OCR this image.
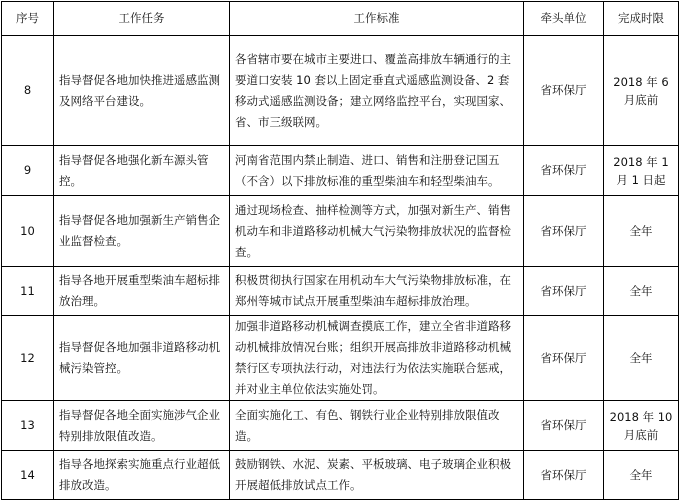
序号	工作任务	工作标准	牵头单位	完成时限
8	指导督促各地加快推进遥感监测及网络平台建设。	各省辖市要在城市主要进口、覆盖高排放车辆通行的主要道口安装 10 套以上固定垂直式遥感监测设备、2 套移动式遥感监测设备；建立网络监控平台，实现国家、省、市三级联网。	省环保厅	2018 年 6 月底前
9	指导督促各地强化新车源头管控。	河南省范围内禁止制造、进口、销售和注册登记国五（不含）以下排放标准的重型柴油车和轻型柴油车。	省环保厅	2018 年 1 月 1 日起
10	指导督促各地加强新生产销售企业监督检查。	通过现场检查、抽样检测等方式，加强对新生产、销售机动车和非道路移动机械大气污染物排放状况的监督检查。	省环保厅	全年
11	指导各地开展重型柴油车超标排放治理。	积极贯彻执行国家在用机动车大气污染物排放标准，在郑州等城市试点开展重型柴油车超标排放治理。	省环保厅	全年
12	指导督促各地加强非道路移动机械污染管控。	加强非道路移动机械调查摸底工作，建立全省非道路移动机械排放情况台账；组织开展高排放非道路移动机械禁行区专项执法行动，对违法行为依法实施联合惩戒，并对业主单位依法实施处罚。	省环保厅	全年
13	指导督促各地全面实施涉气企业特别排放限值改造。	全面实施化工、有色、钢铁行业企业特别排放限值改造。	省环保厅	2018 年 10 月底前
14	指导各地探索实施重点行业超低排放改造。	鼓励钢铁、水泥、炭素、平板玻璃、电子玻璃企业积极开展超低排放试点工作。	省环保厅	全年
